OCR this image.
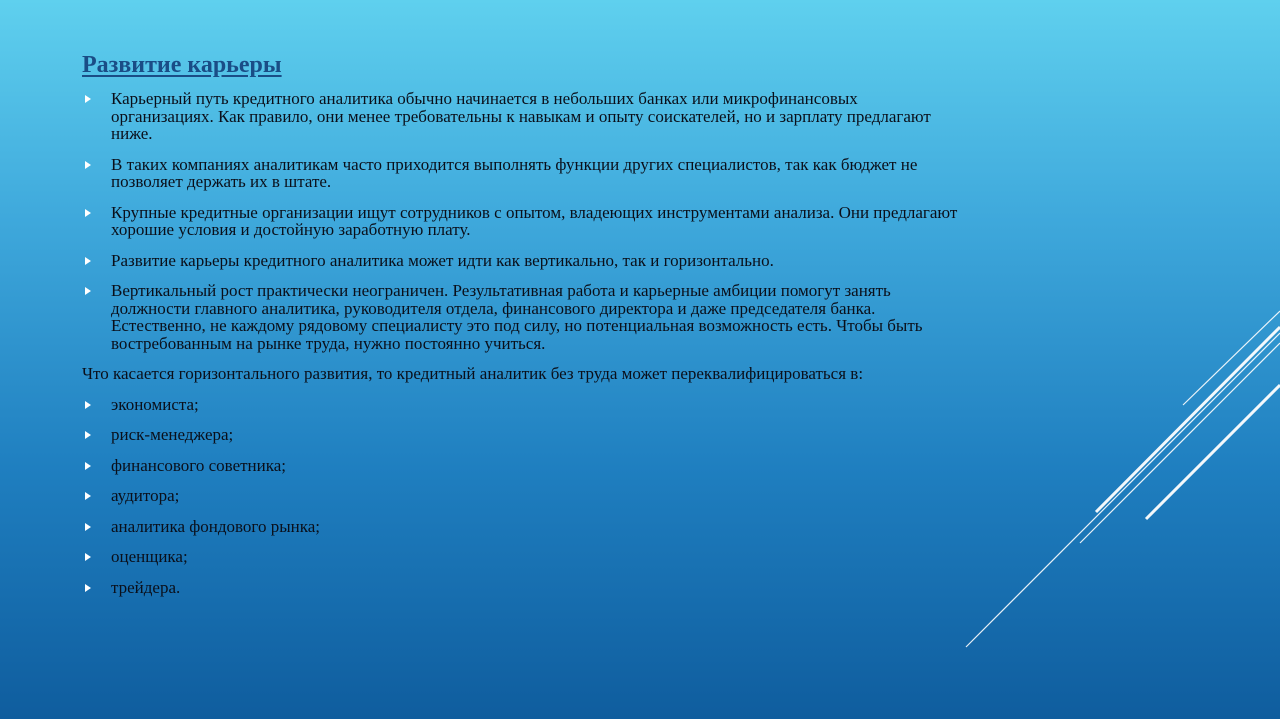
Развитие карьеры
Карьерный путь кредитного аналитика обычно начинается в небольших банках или микрофинансовых организациях. Как правило, они менее требовательны к навыкам и опыту соискателей, но и зарплату предлагают ниже.
В таких компаниях аналитикам часто приходится выполнять функции других специалистов, так как бюджет не позволяет держать их в штате.
Крупные кредитные организации ищут сотрудников с опытом, владеющих инструментами анализа. Они предлагают хорошие условия и достойную заработную плату.
Развитие карьеры кредитного аналитика может идти как вертикально, так и горизонтально.
Вертикальный рост практически неограничен. Результативная работа и карьерные амбиции помогут занять должности главного аналитика, руководителя отдела, финансового директора и даже председателя банка. Естественно, не каждому рядовому специалисту это под силу, но потенциальная возможность есть. Чтобы быть востребованным на рынке труда, нужно постоянно учиться.

Что касается горизонтального развития, то кредитный аналитик без труда может переквалифицироваться в:

экономиста;
риск-менеджера;
финансового советника;
аудитора;
аналитика фондового рынка;
оценщика;
трейдера.
